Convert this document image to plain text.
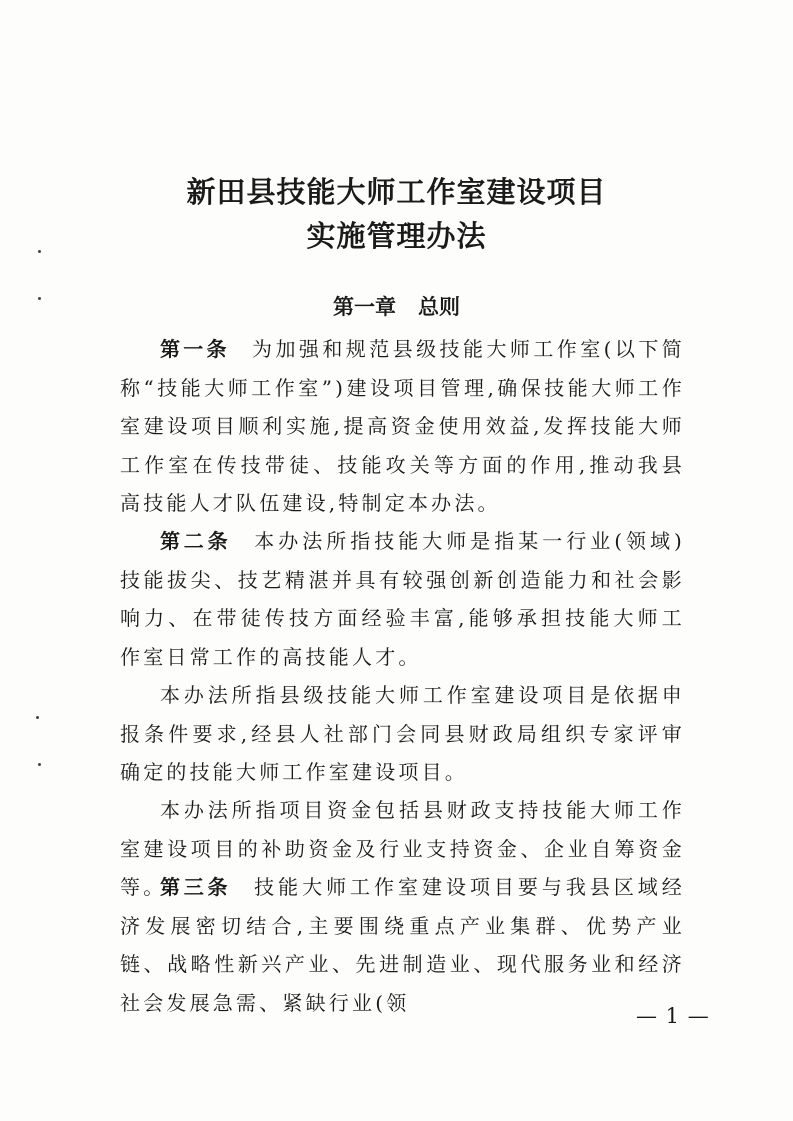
新田县技能大师工作室建设项目
实施管理办法
第一章 总则

第一条 为加强和规范县级技能大师工作室(以下简称“技能大师工作室”)建设项目管理,确保技能大师工作室建设项目顺利实施,提高资金使用效益,发挥技能大师工作室在传技带徒、技能攻关等方面的作用,推动我县高技能人才队伍建设,特制定本办法。

第二条 本办法所指技能大师是指某一行业(领域)技能拔尖、技艺精湛并具有较强创新创造能力和社会影响力、在带徒传技方面经验丰富,能够承担技能大师工作室日常工作的高技能人才。

本办法所指县级技能大师工作室建设项目是依据申报条件要求,经县人社部门会同县财政局组织专家评审确定的技能大师工作室建设项目。

本办法所指项目资金包括县财政支持技能大师工作室建设项目的补助资金及行业支持资金、企业自筹资金等。

第三条 技能大师工作室建设项目要与我县区域经济发展密切结合,主要围绕重点产业集群、优势产业链、战略性新兴产业、先进制造业、现代服务业和经济社会发展急需、紧缺行业(领

— 1 —
